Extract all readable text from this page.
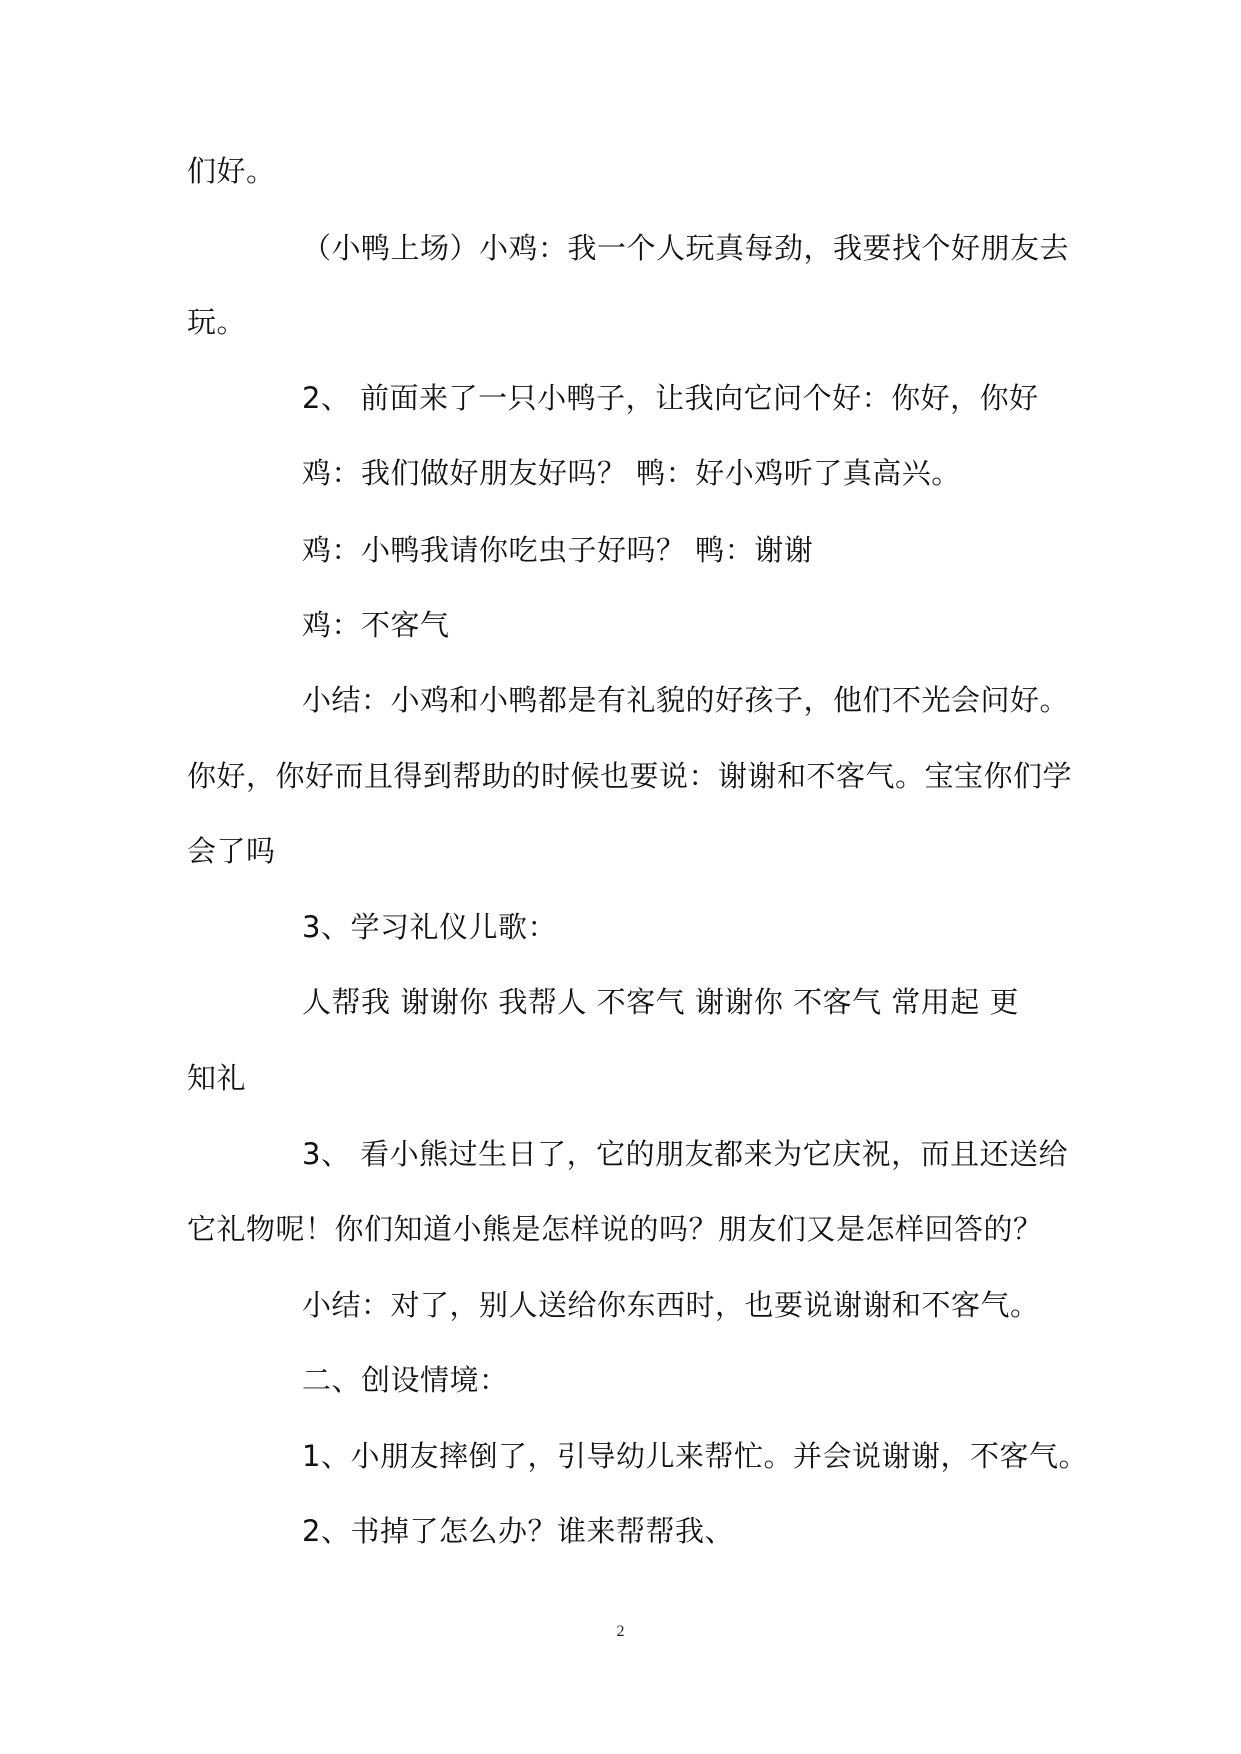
们好。
（小鸭上场）小鸡：我一个人玩真每劲，我要找个好朋友去
玩。
2、 前面来了一只小鸭子，让我向它问个好：你好，你好
鸡：我们做好朋友好吗？ 鸭：好小鸡听了真高兴。
鸡：小鸭我请你吃虫子好吗？ 鸭：谢谢
鸡：不客气
小结：小鸡和小鸭都是有礼貌的好孩子，他们不光会问好。
你好，你好而且得到帮助的时候也要说：谢谢和不客气。宝宝你们学
会了吗
3、学习礼仪儿歌：
人帮我 谢谢你 我帮人 不客气 谢谢你 不客气 常用起 更
知礼
3、 看小熊过生日了，它的朋友都来为它庆祝，而且还送给
它礼物呢！你们知道小熊是怎样说的吗？朋友们又是怎样回答的？
小结：对了，别人送给你东西时，也要说谢谢和不客气。
二、创设情境：
1、小朋友摔倒了，引导幼儿来帮忙。并会说谢谢，不客气。
2、书掉了怎么办？谁来帮帮我、
2
